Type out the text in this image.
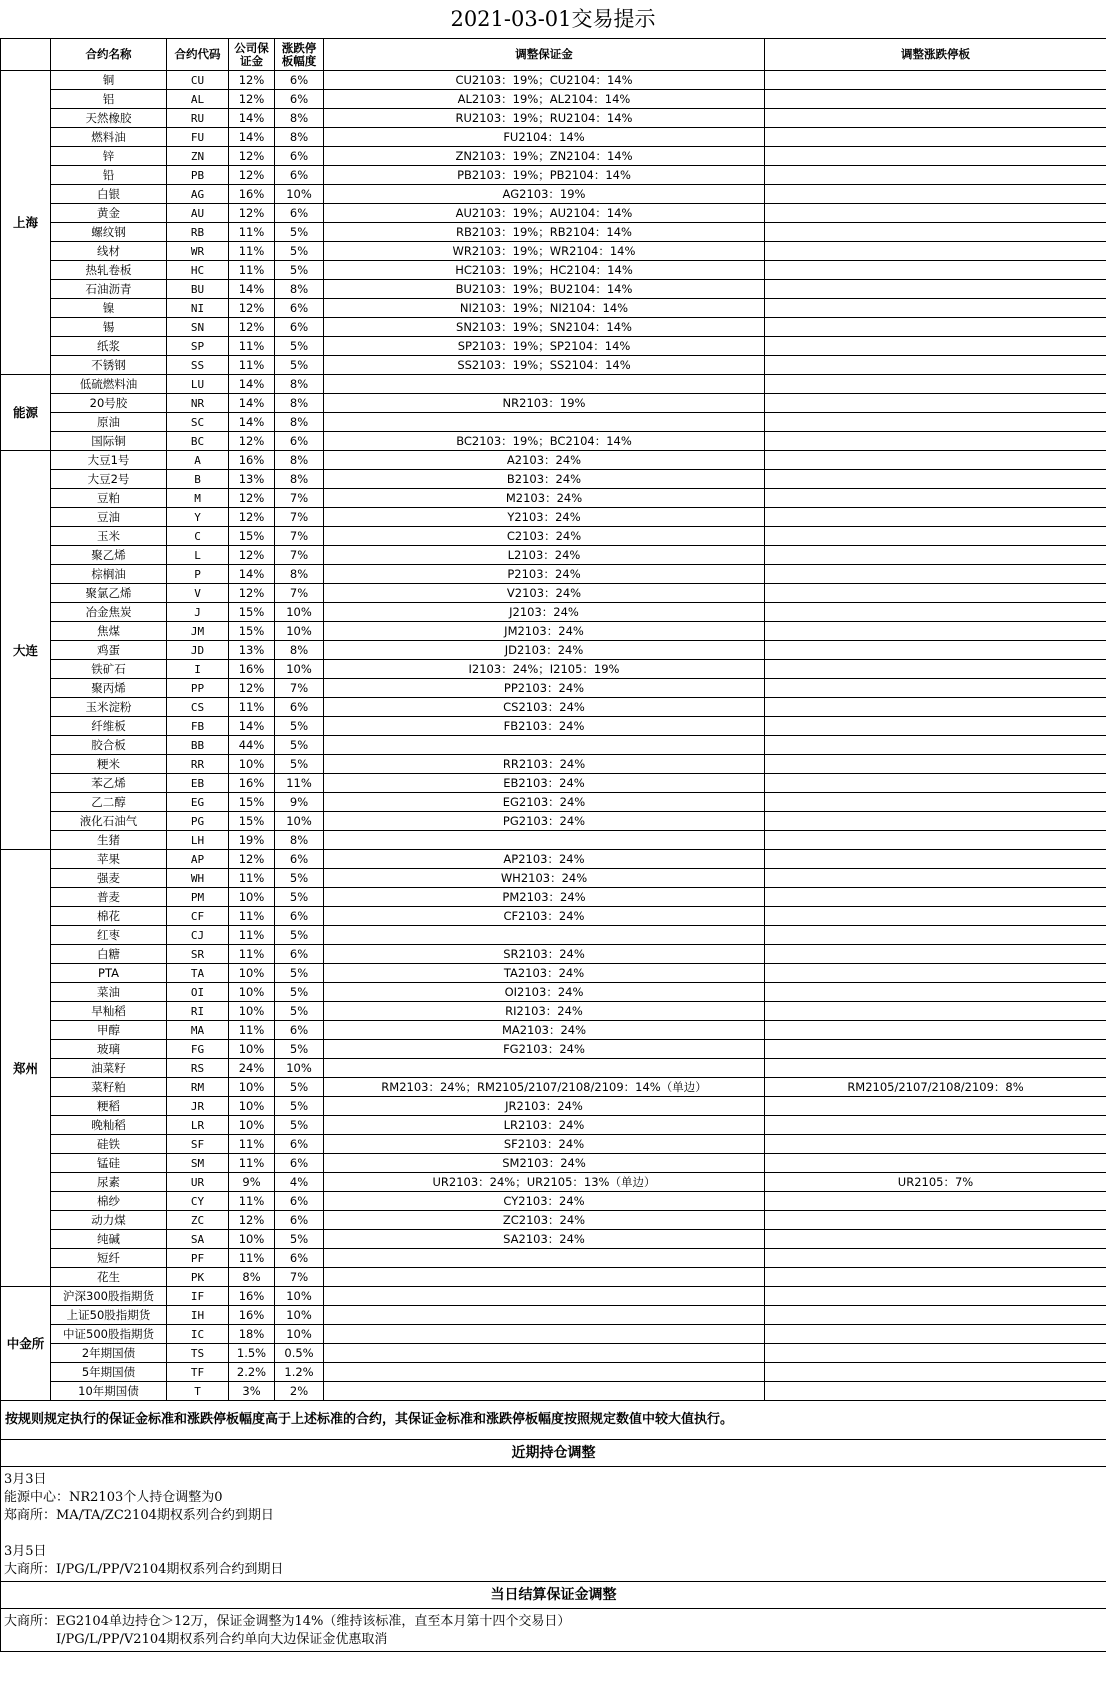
2021-03-01交易提示
	合约名称	合约代码	公司保证金	涨跌停板幅度	调整保证金	调整涨跌停板
上海	铜	CU	12%	6%	CU2103：19%；CU2104：14%	
	铝	AL	12%	6%	AL2103：19%；AL2104：14%	
	天然橡胶	RU	14%	8%	RU2103：19%；RU2104：14%	
	燃料油	FU	14%	8%	FU2104：14%	
	锌	ZN	12%	6%	ZN2103：19%；ZN2104：14%	
	铅	PB	12%	6%	PB2103：19%；PB2104：14%	
	白银	AG	16%	10%	AG2103：19%	
	黄金	AU	12%	6%	AU2103：19%；AU2104：14%	
	螺纹钢	RB	11%	5%	RB2103：19%；RB2104：14%	
	线材	WR	11%	5%	WR2103：19%；WR2104：14%	
	热轧卷板	HC	11%	5%	HC2103：19%；HC2104：14%	
	石油沥青	BU	14%	8%	BU2103：19%；BU2104：14%	
	镍	NI	12%	6%	NI2103：19%；NI2104：14%	
	锡	SN	12%	6%	SN2103：19%；SN2104：14%	
	纸浆	SP	11%	5%	SP2103：19%；SP2104：14%	
	不锈钢	SS	11%	5%	SS2103：19%；SS2104：14%	
能源	低硫燃料油	LU	14%	8%		
	20号胶	NR	14%	8%	NR2103：19%	
	原油	SC	14%	8%		
	国际铜	BC	12%	6%	BC2103：19%；BC2104：14%	
大连	大豆1号	A	16%	8%	A2103：24%	
	大豆2号	B	13%	8%	B2103：24%	
	豆粕	M	12%	7%	M2103：24%	
	豆油	Y	12%	7%	Y2103：24%	
	玉米	C	15%	7%	C2103：24%	
	聚乙烯	L	12%	7%	L2103：24%	
	棕榈油	P	14%	8%	P2103：24%	
	聚氯乙烯	V	12%	7%	V2103：24%	
	冶金焦炭	J	15%	10%	J2103：24%	
	焦煤	JM	15%	10%	JM2103：24%	
	鸡蛋	JD	13%	8%	JD2103：24%	
	铁矿石	I	16%	10%	I2103：24%；I2105：19%	
	聚丙烯	PP	12%	7%	PP2103：24%	
	玉米淀粉	CS	11%	6%	CS2103：24%	
	纤维板	FB	14%	5%	FB2103：24%	
	胶合板	BB	44%	5%		
	粳米	RR	10%	5%	RR2103：24%	
	苯乙烯	EB	16%	11%	EB2103：24%	
	乙二醇	EG	15%	9%	EG2103：24%	
	液化石油气	PG	15%	10%	PG2103：24%	
	生猪	LH	19%	8%		
郑州	苹果	AP	12%	6%	AP2103：24%	
	强麦	WH	11%	5%	WH2103：24%	
	普麦	PM	10%	5%	PM2103：24%	
	棉花	CF	11%	6%	CF2103：24%	
	红枣	CJ	11%	5%		
	白糖	SR	11%	6%	SR2103：24%	
	PTA	TA	10%	5%	TA2103：24%	
	菜油	OI	10%	5%	OI2103：24%	
	早籼稻	RI	10%	5%	RI2103：24%	
	甲醇	MA	11%	6%	MA2103：24%	
	玻璃	FG	10%	5%	FG2103：24%	
	油菜籽	RS	24%	10%		
	菜籽粕	RM	10%	5%	RM2103：24%；RM2105/2107/2108/2109：14%（单边）	RM2105/2107/2108/2109：8%
	粳稻	JR	10%	5%	JR2103：24%	
	晚籼稻	LR	10%	5%	LR2103：24%	
	硅铁	SF	11%	6%	SF2103：24%	
	锰硅	SM	11%	6%	SM2103：24%	
	尿素	UR	9%	4%	UR2103：24%；UR2105：13%（单边）	UR2105：7%
	棉纱	CY	11%	6%	CY2103：24%	
	动力煤	ZC	12%	6%	ZC2103：24%	
	纯碱	SA	10%	5%	SA2103：24%	
	短纤	PF	11%	6%		
	花生	PK	8%	7%		
中金所	沪深300股指期货	IF	16%	10%		
	上证50股指期货	IH	16%	10%		
	中证500股指期货	IC	18%	10%		
	2年期国债	TS	1.5%	0.5%		
	5年期国债	TF	2.2%	1.2%		
	10年期国债	T	3%	2%		
按规则规定执行的保证金标准和涨跌停板幅度高于上述标准的合约，其保证金标准和涨跌停板幅度按照规定数值中较大值执行。						
近期持仓调整						

3月3日
能源中心：NR2103个人持仓调整为0
郑商所：MA/TA/ZC2104期权系列合约到期日
3月5日
大商所：I/PG/L/PP/V2104期权系列合约到期日						

当日结算保证金调整						

大商所：EG2104单边持仓＞12万，保证金调整为14%（维持该标准，直至本月第十四个交易日）
I/PG/L/PP/V2104期权系列合约单向大边保证金优惠取消						
